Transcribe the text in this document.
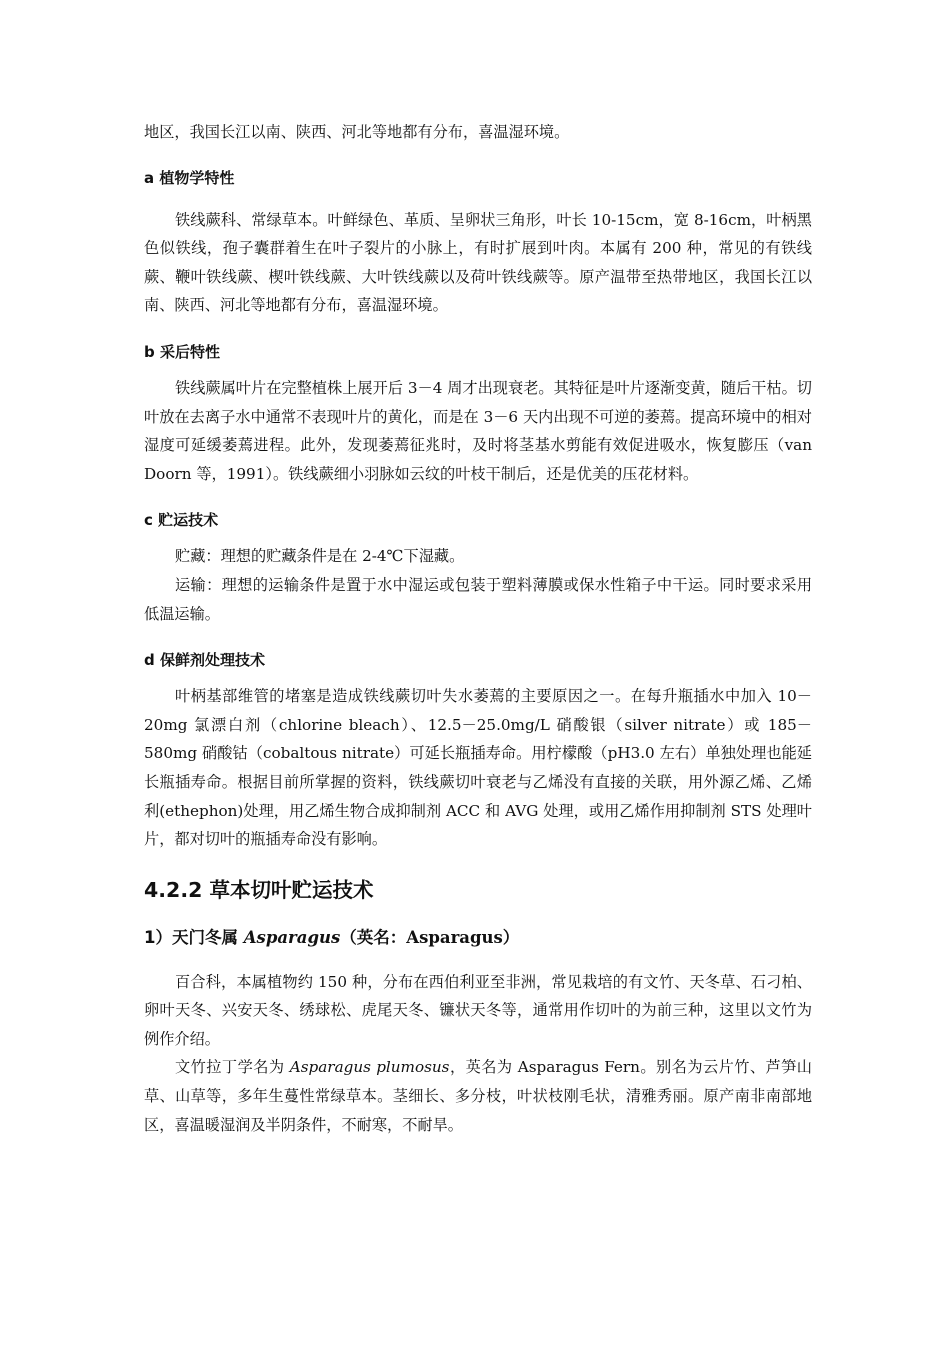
地区，我国长江以南、陕西、河北等地都有分布，喜温湿环境。

a 植物学特性

铁线蕨科、常绿草本。叶鲜绿色、革质、呈卵状三角形，叶长 10-15cm，宽 8-16cm，叶柄黑色似铁线，孢子囊群着生在叶子裂片的小脉上，有时扩展到叶肉。本属有 200 种，常见的有铁线蕨、鞭叶铁线蕨、楔叶铁线蕨、大叶铁线蕨以及荷叶铁线蕨等。原产温带至热带地区，我国长江以南、陕西、河北等地都有分布，喜温湿环境。

b 采后特性

铁线蕨属叶片在完整植株上展开后 3－4 周才出现衰老。其特征是叶片逐渐变黄，随后干枯。切叶放在去离子水中通常不表现叶片的黄化，而是在 3－6 天内出现不可逆的萎蔫。提高环境中的相对湿度可延缓萎蔫进程。此外，发现萎蔫征兆时，及时将茎基水剪能有效促进吸水，恢复膨压（van Doorn 等，1991）。铁线蕨细小羽脉如云纹的叶枝干制后，还是优美的压花材料。

c 贮运技术

贮藏：理想的贮藏条件是在 2-4℃下湿藏。

运输：理想的运输条件是置于水中湿运或包装于塑料薄膜或保水性箱子中干运。同时要求采用低温运输。

d 保鲜剂处理技术

叶柄基部维管的堵塞是造成铁线蕨切叶失水萎蔫的主要原因之一。在每升瓶插水中加入 10－20mg 氯漂白剂（chlorine bleach）、12.5－25.0mg/L 硝酸银（silver nitrate）或 185－580mg 硝酸钴（cobaltous nitrate）可延长瓶插寿命。用柠檬酸（pH3.0 左右）单独处理也能延长瓶插寿命。根据目前所掌握的资料，铁线蕨切叶衰老与乙烯没有直接的关联，用外源乙烯、乙烯利(ethephon)处理，用乙烯生物合成抑制剂 ACC 和 AVG 处理，或用乙烯作用抑制剂 STS 处理叶片，都对切叶的瓶插寿命没有影响。

4.2.2 草本切叶贮运技术
1）天门冬属 Asparagus（英名：Asparagus）

百合科，本属植物约 150 种，分布在西伯利亚至非洲，常见栽培的有文竹、天冬草、石刁柏、卵叶天冬、兴安天冬、绣球松、虎尾天冬、镰状天冬等，通常用作切叶的为前三种，这里以文竹为例作介绍。

文竹拉丁学名为 Asparagus plumosus，英名为 Asparagus Fern。别名为云片竹、芦笋山草、山草等，多年生蔓性常绿草本。茎细长、多分枝，叶状枝刚毛状，清雅秀丽。原产南非南部地区，喜温暖湿润及半阴条件，不耐寒，不耐旱。
